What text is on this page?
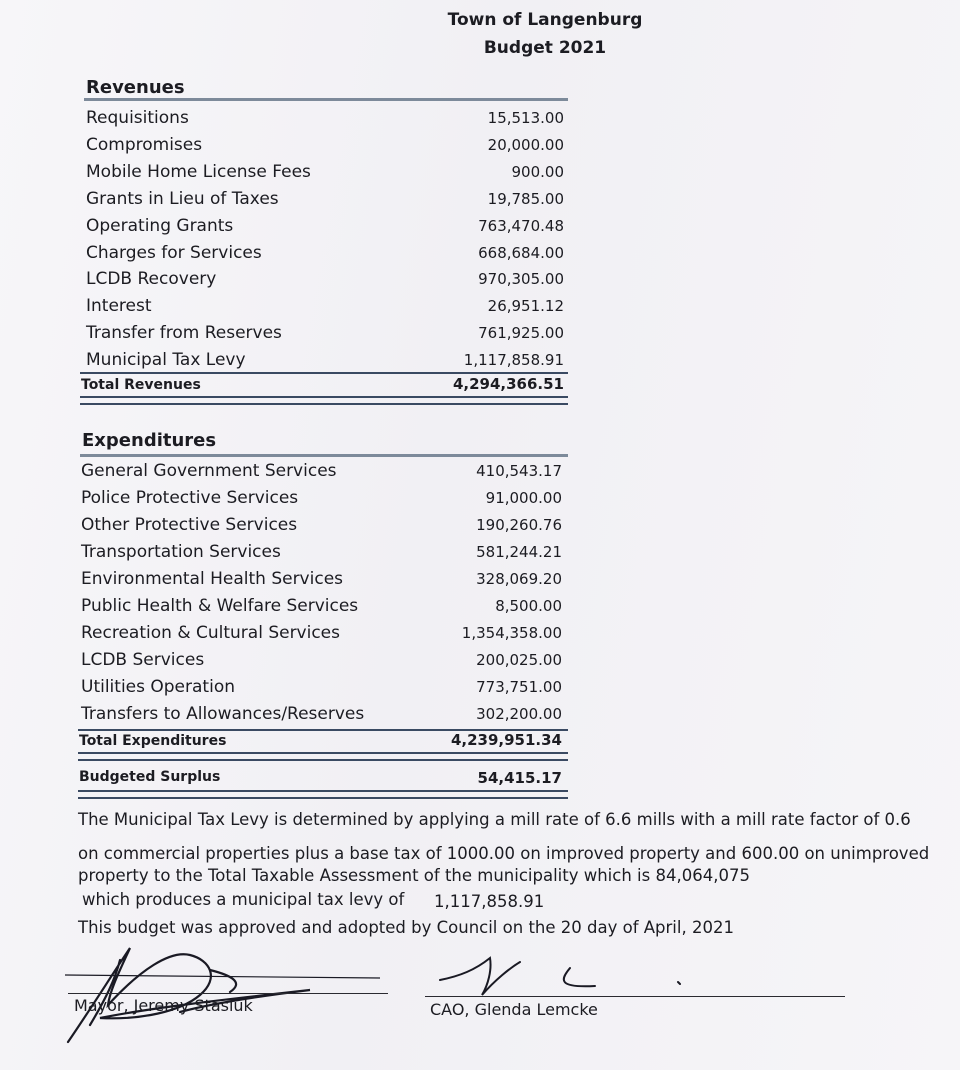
Town of Langenburg
Budget 2021
Revenues
Requisitions	15,513.00
Compromises	20,000.00
Mobile Home License Fees	900.00
Grants in Lieu of Taxes	19,785.00
Operating Grants	763,470.48
Charges for Services	668,684.00
LCDB Recovery	970,305.00
Interest	26,951.12
Transfer from Reserves	761,925.00
Municipal Tax Levy	1,117,858.91
Total Revenues	4,294,366.51
Expenditures
General Government Services	410,543.17
Police Protective Services	91,000.00
Other Protective Services	190,260.76
Transportation Services	581,244.21
Environmental Health Services	328,069.20
Public Health & Welfare Services	8,500.00
Recreation & Cultural Services	1,354,358.00
LCDB Services	200,025.00
Utilities Operation	773,751.00
Transfers to Allowances/Reserves	302,200.00
Total Expenditures	4,239,951.34
Budgeted Surplus	54,415.17
The Municipal Tax Levy is determined by applying a mill rate of 6.6 mills with a mill rate factor of 0.6
on commercial properties plus a base tax of 1000.00 on improved property and 600.00 on unimproved
property to the Total Taxable Assessment of the municipality which is 84,064,075
which produces a municipal tax levy of 1,117,858.91
This budget was approved and adopted by Council on the 20 day of April, 2021
Mayor, Jeremy Stasiuk	CAO, Glenda Lemcke
